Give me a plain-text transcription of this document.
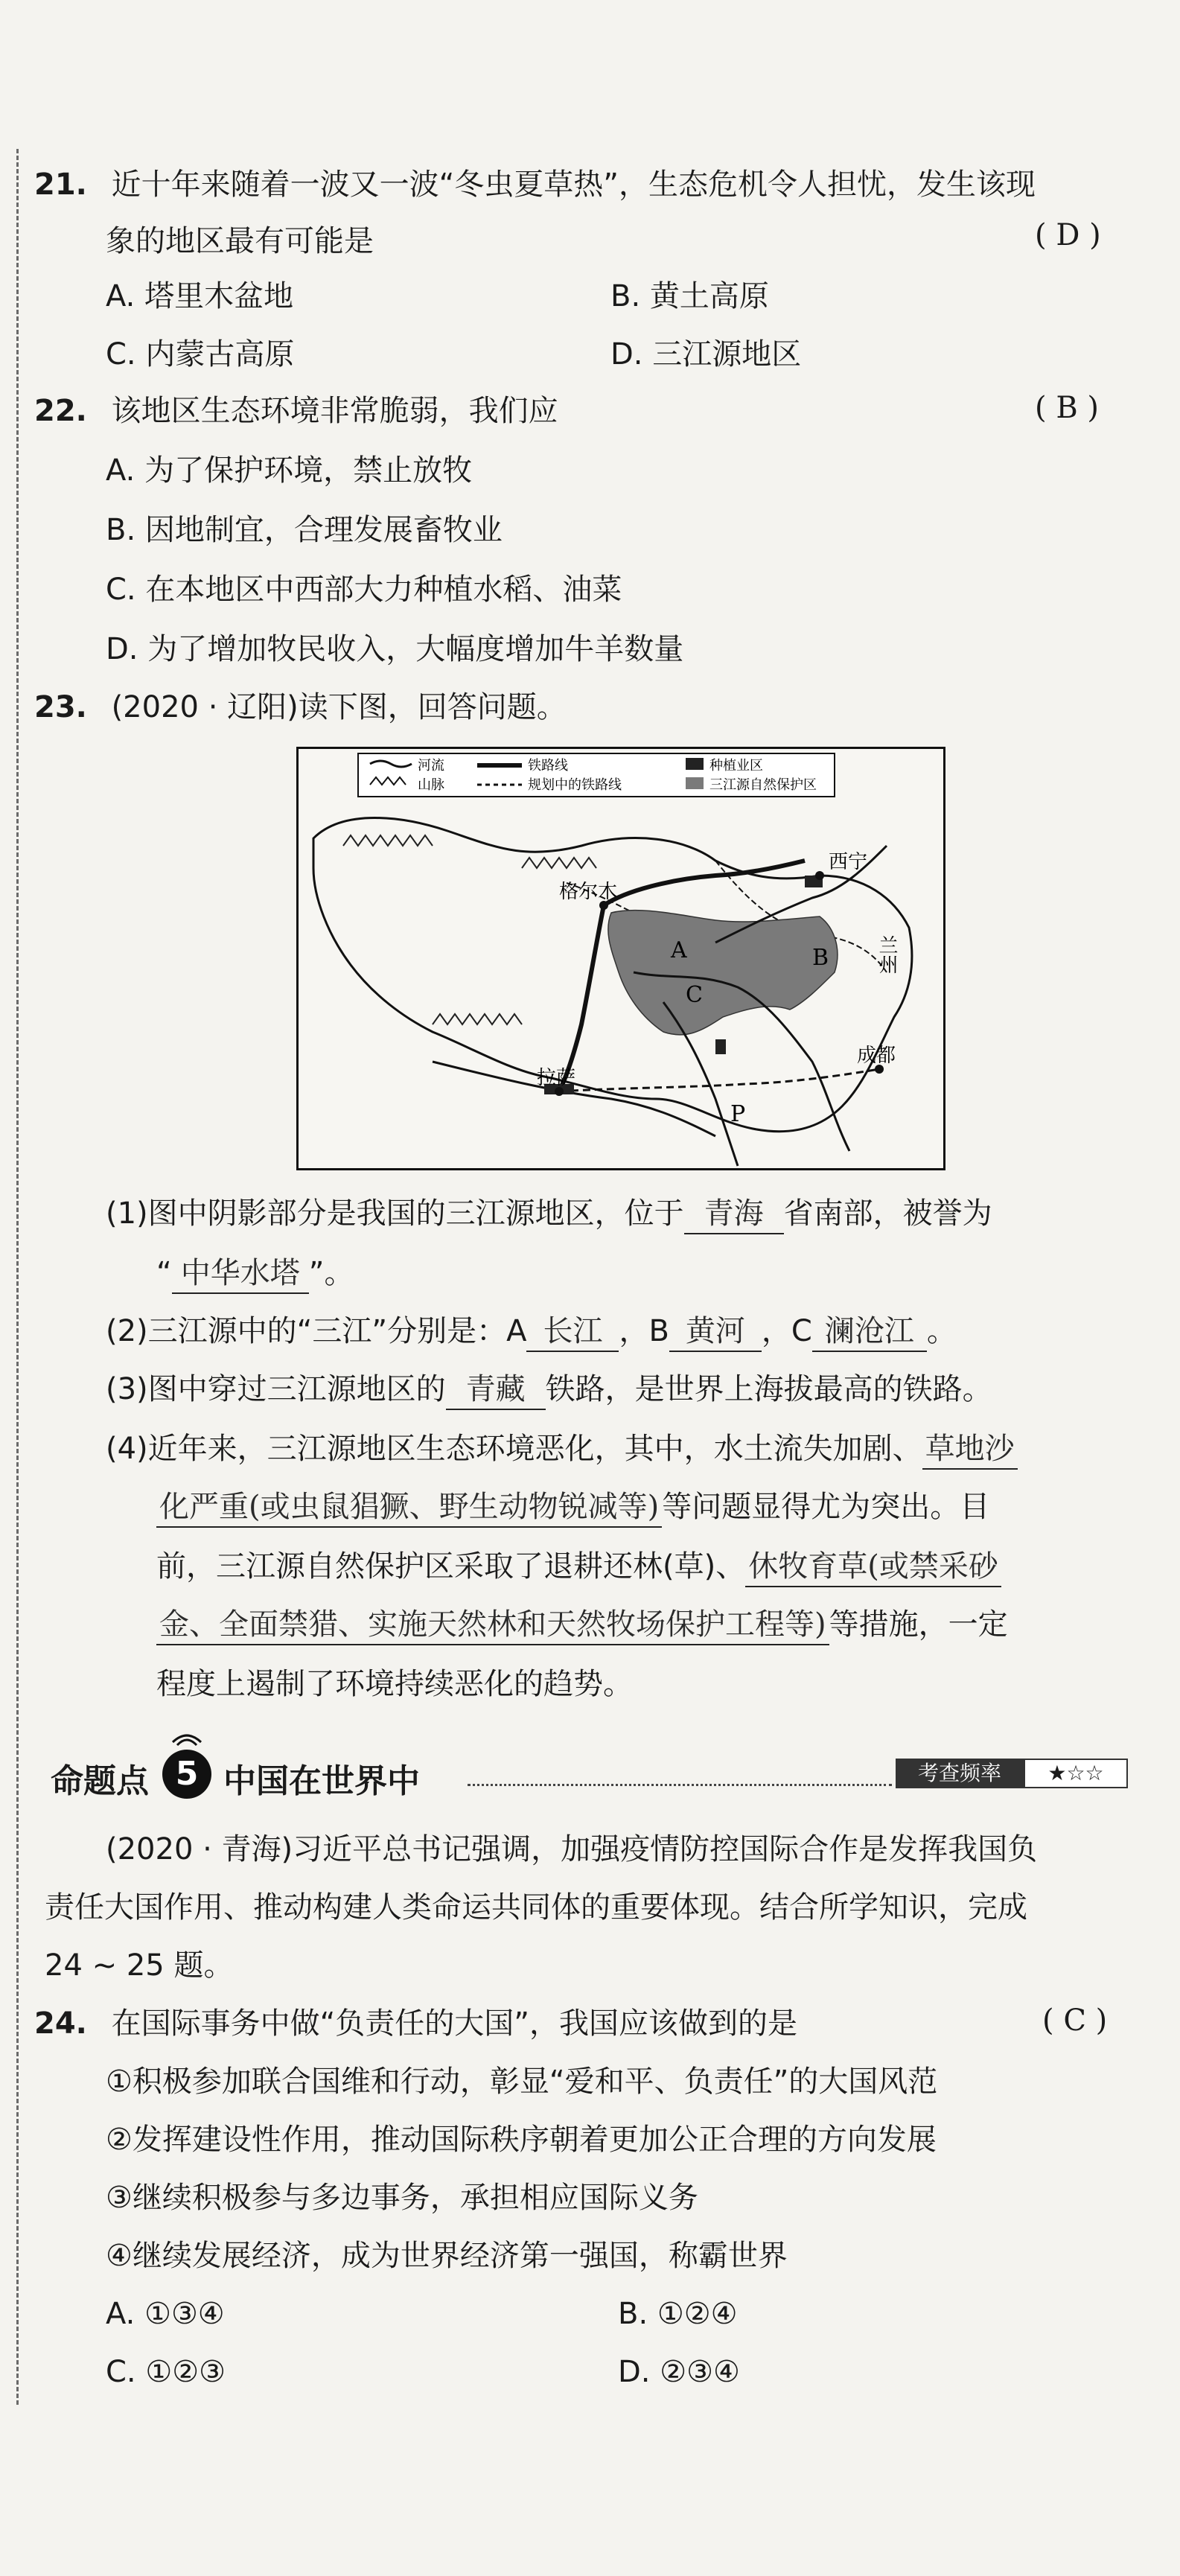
21. 近十年来随着一波又一波“冬虫夏草热”，生态危机令人担忧，发生该现
象的地区最有可能是	( D )
A. 塔里木盆地	B. 黄土高原
C. 内蒙古高原	D. 三江源地区
22. 该地区生态环境非常脆弱，我们应	( B )
A. 为了保护环境，禁止放牧
B. 因地制宜，合理发展畜牧业
C. 在本地区中西部大力种植水稻、油菜
D. 为了增加牧民收入，大幅度增加牛羊数量
23. (2020 · 辽阳)读下图，回答问题。
河流
山脉
铁路线
规划中的铁路线
种植业区
三江源自然保护区
格尔木
西宁
兰州
成都
拉萨
A	B
C
P
(1)图中阴影部分是我国的三江源地区，位于 青海 省南部，被誉为
“ 中华水塔 ”。
(2)三江源中的“三江”分别是：A 长江 ，B 黄河 ，C 澜沧江 。
(3)图中穿过三江源地区的 青藏 铁路，是世界上海拔最高的铁路。
(4)近年来，三江源地区生态环境恶化，其中，水土流失加剧、 草地沙
化严重(或虫鼠猖獗、野生动物锐减等) 等问题显得尤为突出。目
前，三江源自然保护区采取了退耕还林(草)、 休牧育草(或禁采砂
金、全面禁猎、实施天然林和天然牧场保护工程等) 等措施，一定
程度上遏制了环境持续恶化的趋势。
命题点 5 中国在世界中	考查频率	★☆☆
(2020 · 青海)习近平总书记强调，加强疫情防控国际合作是发挥我国负
责任大国作用、推动构建人类命运共同体的重要体现。结合所学知识，完成
24 ~ 25 题。
24. 在国际事务中做“负责任的大国”，我国应该做到的是	( C )
①积极参加联合国维和行动，彰显“爱和平、负责任”的大国风范
②发挥建设性作用，推动国际秩序朝着更加公正合理的方向发展
③继续积极参与多边事务，承担相应国际义务
④继续发展经济，成为世界经济第一强国，称霸世界
A. ①③④	B. ①②④
C. ①②③	D. ②③④
